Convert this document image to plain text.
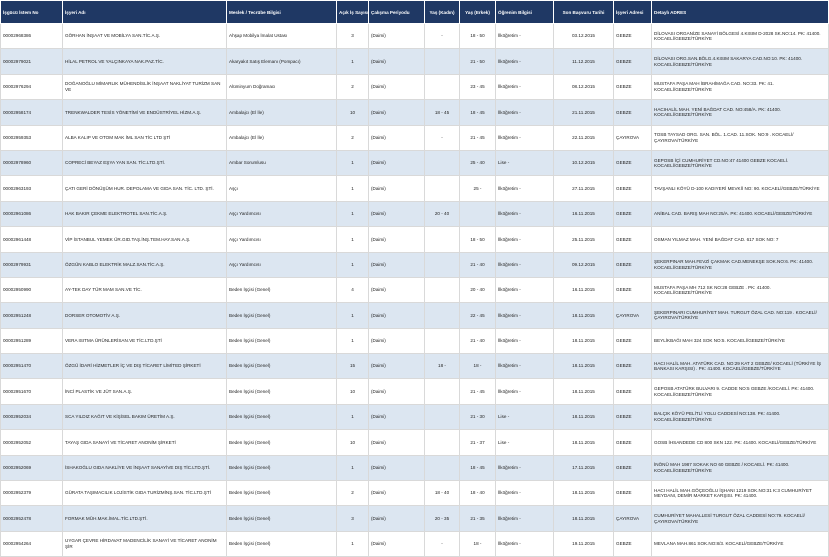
İşgücü İstem No	İşyeri Adı	Meslek / Tecrübe Bilgisi	Açık İş Sayısı	Çalışma Periyodu	Yaş (Kadın)	Yaş (Erkek)	Öğrenim Bilgisi	Son Başvuru Tarihi	İşyeri Adresi	Detaylı ADRES
00002968386	GÖRHAN İNŞAAT VE MOBİLYA SAN.TİC.A.Ş.	Ahşap Mobilya İmalat Ustası	3	(Daimi)	-	18 - 50	İlköğretim -	03.12.2015	GEBZE	DİLOVASI ORGANİZE SANAYİ BÖLGESİ 4.KISIM D-2028 SK.NO:14. PK: 41400. KOCAELİ/GEBZE/TÜRKİYE
00002979021	HİLAL PETROL VE YALÇINKAYA NAK.PAZ.TİC.	Akaryakıt Satış Elemanı (Pompacı)	1	(Daimi)		21 - 50	İlköğretim -	11.12.2015	GEBZE	DİLOVASI ORG.SAN.BÖLG.4.KISIM SAKARYA CAD.NO:10. PK: 41400. KOCAELİ/GEBZE/TÜRKİYE
00002976294	DOĞANOĞLU MİMARLIK MÜHENDİSLİK İNŞAAT NAKLİYAT TURİZM SAN VE	Alüminyum Doğramacı	2	(Daimi)		23 - 45	İlköğretim -	08.12.2015	GEBZE	MUSTAFA PAŞA MAH İBRAHİMAĞA CAD. NO:33. PK: 41. KOCAELİ/GEBZE/TÜRKİYE
00002958174	TRENKWALDER TESİS YÖNETİMİ VE ENDÜSTRİYEL HİZM.A.Ş.	Ambalajcı (El İle)	10	(Daimi)	18 - 45	18 - 45	İlköğretim -	21.11.2015	GEBZE	HACIHALİL MAH. YENİ BAĞDAT CAD. NO:458/A. PK: 41400. KOCAELİ/GEBZE/TÜRKİYE
00002959353	ALBA KALIP VE OTOM MAK İML SAN TİC LTD ŞTİ	Ambalajcı (El İle)	2	(Daimi)	-	21 - 45	İlköğretim -	22.11.2015	ÇAYIROVA	TOSB TAYSAD ORG. SAN. BÖL. 1.CAD. 11.SOK. NO:9 . KOCAELİ/ÇAYIROVA/TÜRKİYE
00002978960	COPRECİ BEYAZ EŞYA YAN SAN. TİC.LTD.ŞTİ.	Ambar Sorumlusu	1	(Daimi)		25 - 40	Lise -	10.12.2015	GEBZE	GEPOSB İÇİ CUMHURİYET CD.NO:47 41400 GEBZE KOCAELİ. KOCAELİ/GEBZE/TÜRKİYE
00002963193	ÇATI GERİ DÖNÜŞÜM HUR. DEPOLAMA VE GIDA SAN. TİC. LTD. ŞTİ.	Aşçı	1	(Daimi)		25 -	İlköğretim -	27.11.2015	GEBZE	TAVŞANLI KÖYÜ D-100 KADIYERİ MEVKİİ NO: 90. KOCAELİ/GEBZE/TÜRKİYE
00002961086	HAK BAKIR ÇEKME ELEKTROTEL SAN.TİC.A.Ş.	Aşçı Yardımcısı	1	(Daimi)	20 - 40		İlköğretim -	16.11.2015	GEBZE	ANİBAL CAD. BARIŞ MAH NO:25/A. PK: 41400. KOCAELİ/GEBZE/TÜRKİYE
00002961448	VİP İSTANBUL YEMEK ÜR.GID.TAŞ.İNŞ.TEM.HAY.SAN.A.Ş.	Aşçı Yardımcısı	1	(Daimi)		18 - 50	İlköğretim -	25.11.2015	GEBZE	OSMAN YILMAZ MAH. YENİ BAĞDAT CAD. 617 SOK NO: 7
00002979931	ÖZGÜN KABLO ELEKTRİK MALZ.SAN.TİC.A.Ş.	Aşçı Yardımcısı	1	(Daimi)		21 - 40	İlköğretim -	09.12.2015	GEBZE	ŞEKERPINAR MAH.FEVZİ ÇAKMAK CAD.MENEKŞE SOK.NO:6. PK: 41400. KOCAELİ/GEBZE/TÜRKİYE
00002950990	AY-TEK DAY TÜR MAM SAN.VE TİC.	Beden İşçisi (Genel)	4	(Daimi)		20 - 40	İlköğretim -	16.11.2015	GEBZE	MUSTAFA PAŞA MH 712 SK NO:28 GEBZE . PK: 41400. KOCAELİ/GEBZE/TÜRKİYE
00002951248	DORSER OTOMOTİV A.Ş.	Beden İşçisi (Genel)	1	(Daimi)		22 - 45	İlköğretim -	18.11.2015	ÇAYIROVA	ŞEKERPINARI CUMHURİYET MAH. TURGUT ÖZAL CAD. NO:119 . KOCAELİ/ÇAYIROVA/TÜRKİYE
00002951289	VERA ISITMA ÜRÜNLERİSAN.VE TİC.LTD.ŞTİ	Beden İşçisi (Genel)	1	(Daimi)		21 - 40	İlköğretim -	18.11.2015	GEBZE	BEYLİKBAĞI MAH 324 SOK NO:5. KOCAELİ/GEBZE/TÜRKİYE
00002951470	ÖZGÜ İDARİ HİZMETLER İÇ VE DIŞ TİCARET LİMİTED ŞİRKETİ	Beden İşçisi (Genel)	15	(Daimi)	18 -	18 -	İlköğretim -	18.11.2015	GEBZE	HACI HALİL MAH. ATATÜRK CAD. NO:29 KAT 2 GEBZE/ KOCAELİ (TÜRKİYE İŞ BANKASI KARŞISI) . PK: 41400. KOCAELİ/GEBZE/TÜRKİYE
00002951670	İNCİ PLASTİK VE JÜT SAN.A.Ş.	Beden İşçisi (Genel)	10	(Daimi)		21 - 45	İlköğretim -	18.11.2015	GEBZE	GEPOSB ATATÜRK BULVARI 9. CADDE NO:5 GEBZE /KOCAELİ. PK: 41400. KOCAELİ/GEBZE/TÜRKİYE
00002952034	SCA YILDIZ KAĞIT VE KİŞİSEL BAKIM ÜRETİM A.Ş.	Beden İşçisi (Genel)	1	(Daimi)		21 - 30	Lise -	18.11.2015	GEBZE	BALÇIK KÖYÜ PELİTLİ YOLU CADDESİ NO:138. PK: 41400. KOCAELİ/GEBZE/TÜRKİYE
00002952052	TAYAŞ GIDA SANAYİ VE TİCARET ANONİM ŞİRKETİ	Beden İşçisi (Genel)	10	(Daimi)		21 - 37	Lise -	18.11.2015	GEBZE	GOSB İHSANDEDE CD 800 SKN 122. PK: 41400. KOCAELİ/GEBZE/TÜRKİYE
00002952069	İSHAKOĞLU GIDA NAKLİYE VE İNŞAAT SANAYİVE DIŞ TİC.LTD.ŞTİ.	Beden İşçisi (Genel)	1	(Daimi)		18 - 45	İlköğretim -	17.11.2015	GEBZE	İNÖNÜ MAH 1987 SOKAK NO 60 GEBZE / KOCAELİ. PK: 41400. KOCAELİ/GEBZE/TÜRKİYE
00002952379	GÜRATA TAŞIMACILIK LOJİSTİK GIDA TURİZMİNŞ.SAN. TİC.LTD.ŞTİ	Beden İşçisi (Genel)	2	(Daimi)	18 - 40	18 - 40	İlköğretim -	18.11.2015	GEBZE	HACI HALİL MAH.GÖÇEOĞLU İŞHANI 1219 SOK.NO:31 K:3 CUMHURİYET MEYDANI, DEMİR MARKET KARŞISI. PK: 41400.
00002952478	FORMAK MÜH.MAK.İMAL.TİC.LTD.ŞTİ.	Beden İşçisi (Genel)	3	(Daimi)	20 - 35	21 - 35	İlköğretim -	18.11.2015	ÇAYIROVA	CUMHURİYET MAHALLESİ TURGUT ÖZAL CADDESİ NO:79. KOCAELİ/ÇAYIROVA/TÜRKİYE
00002954264	UYGAR ÇEVRE HİRDAVAT MADENCİLİK SANAYİ VE TİCARET ANONİM ŞİR	Beden İşçisi (Genel)	1	(Daimi)	-	18 -	İlköğretim -	19.11.2015	GEBZE	MEVLANA MAH.861 SOK.NO:8/3. KOCAELİ/GEBZE/TÜRKİYE
